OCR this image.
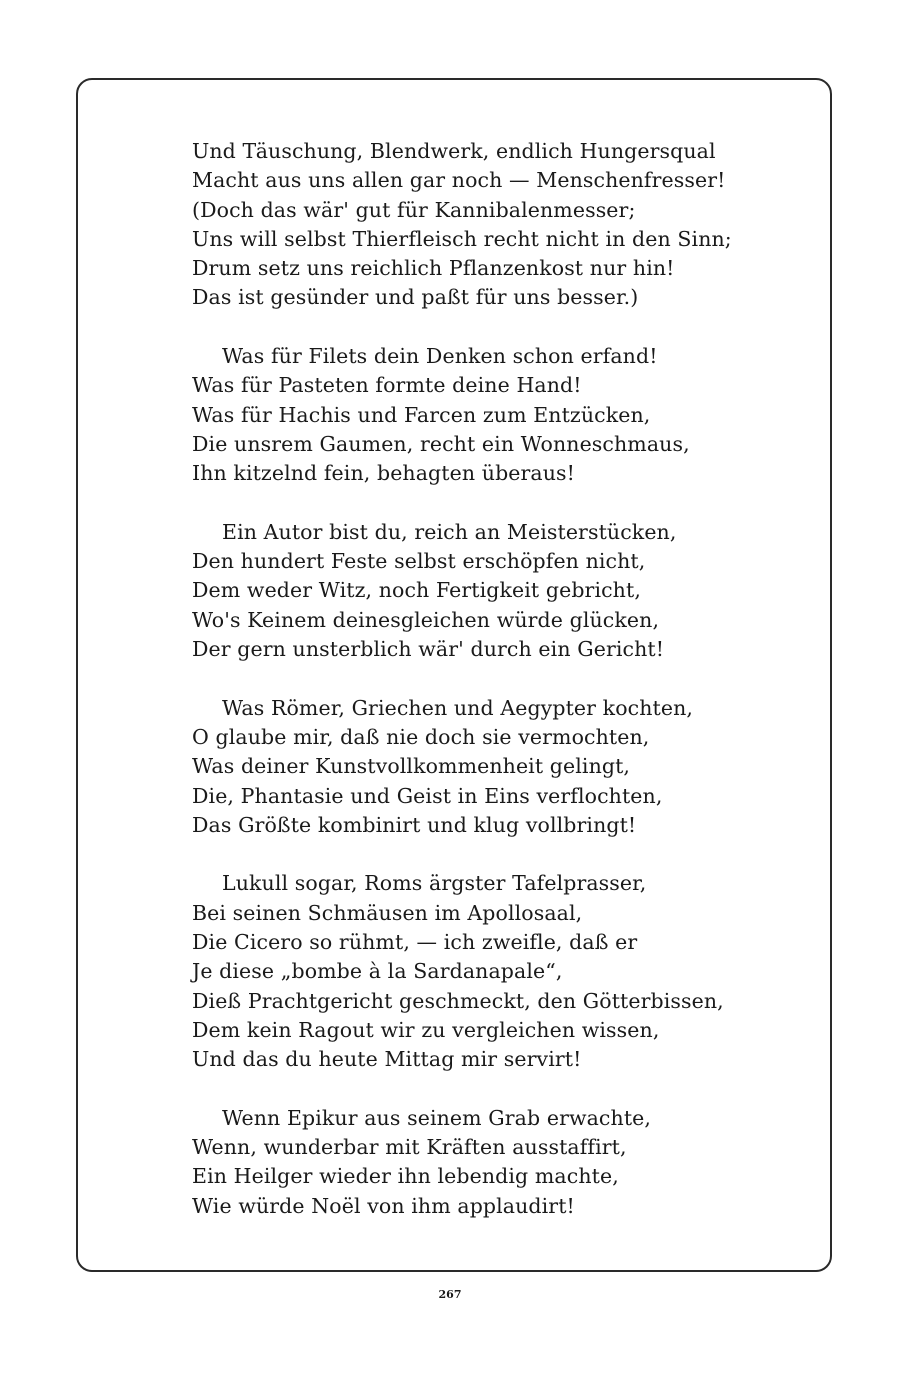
Und Täuschung, Blendwerk, endlich Hungersqual
Macht aus uns allen gar noch — Menschenfresser!
(Doch das wär' gut für Kannibalenmesser;
Uns will selbst Thierfleisch recht nicht in den Sinn;
Drum setz uns reichlich Pflanzenkost nur hin!
Das ist gesünder und paßt für uns besser.)
Was für Filets dein Denken schon erfand!
Was für Pasteten formte deine Hand!
Was für Hachis und Farcen zum Entzücken,
Die unsrem Gaumen, recht ein Wonneschmaus,
Ihn kitzelnd fein, behagten überaus!
Ein Autor bist du, reich an Meisterstücken,
Den hundert Feste selbst erschöpfen nicht,
Dem weder Witz, noch Fertigkeit gebricht,
Wo's Keinem deinesgleichen würde glücken,
Der gern unsterblich wär' durch ein Gericht!
Was Römer, Griechen und Aegypter kochten,
O glaube mir, daß nie doch sie vermochten,
Was deiner Kunstvollkommenheit gelingt,
Die, Phantasie und Geist in Eins verflochten,
Das Größte kombinirt und klug vollbringt!
Lukull sogar, Roms ärgster Tafelprasser,
Bei seinen Schmäusen im Apollosaal,
Die Cicero so rühmt, — ich zweifle, daß er
Je diese „bombe à la Sardanapale“,
Dieß Prachtgericht geschmeckt, den Götterbissen,
Dem kein Ragout wir zu vergleichen wissen,
Und das du heute Mittag mir servirt!
Wenn Epikur aus seinem Grab erwachte,
Wenn, wunderbar mit Kräften ausstaffirt,
Ein Heilger wieder ihn lebendig machte,
Wie würde Noël von ihm applaudirt!
267
